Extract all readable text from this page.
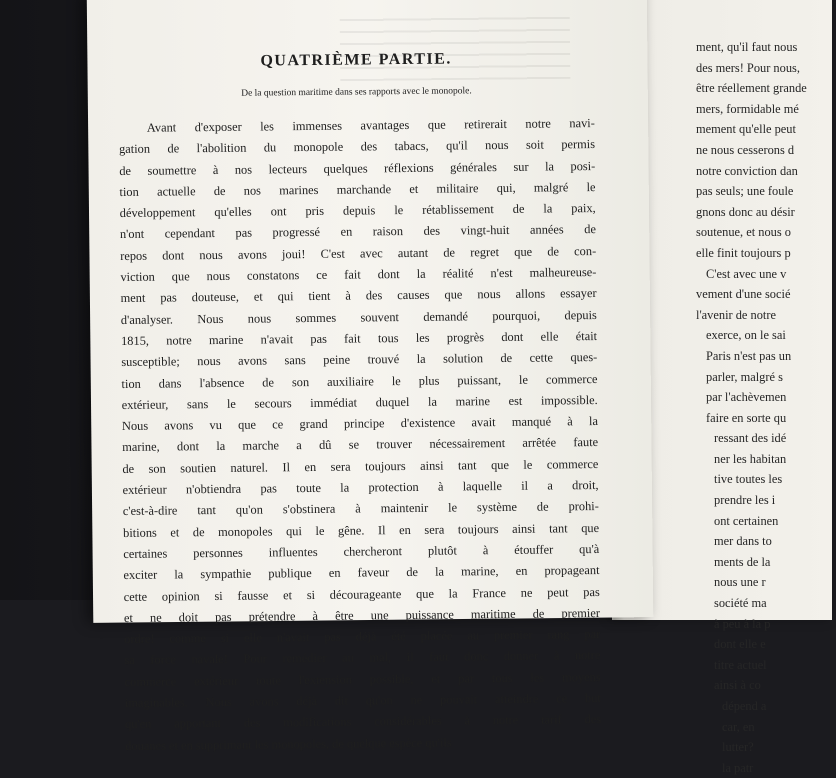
QUATRIÈME PARTIE.
De la question maritime dans ses rapports avec le monopole.
Avant d'exposer les immenses avantages que retirerait notre navi-
gation de l'abolition du monopole des tabacs, qu'il nous soit permis
de soumettre à nos lecteurs quelques réflexions générales sur la posi-
tion actuelle de nos marines marchande et militaire qui, malgré le
développement qu'elles ont pris depuis le rétablissement de la paix,
n'ont cependant pas progressé en raison des vingt-huit années de
repos dont nous avons joui! C'est avec autant de regret que de con-
viction que nous constatons ce fait dont la réalité n'est malheureuse-
ment pas douteuse, et qui tient à des causes que nous allons essayer
d'analyser. Nous nous sommes souvent demandé pourquoi, depuis
1815, notre marine n'avait pas fait tous les progrès dont elle était
susceptible; nous avons sans peine trouvé la solution de cette ques-
tion dans l'absence de son auxiliaire le plus puissant, le commerce
extérieur, sans le secours immédiat duquel la marine est impossible.
Nous avons vu que ce grand principe d'existence avait manqué à la
marine, dont la marche a dû se trouver nécessairement arrêtée faute
de son soutien naturel. Il en sera toujours ainsi tant que le commerce
extérieur n'obtiendra pas toute la protection à laquelle il a droit,
c'est-à-dire tant qu'on s'obstinera à maintenir le système de prohi-
bitions et de monopoles qui le gêne. Il en sera toujours ainsi tant que
certaines personnes influentes chercheront plutôt à étouffer qu'à
exciter la sympathie publique en faveur de la marine, en propageant
cette opinion si fausse et si décourageante que la France ne peut pas
et ne doit pas prétendre à être une puissance maritime de premier
ordre! comme si elle n'avait pas déjà été placée au premier rang par
sa force navale! Pour remédier au mal, il faut donc donner à notre
commerce extérieur toute l'extension possible, et par tous les moyens
imaginables. Nous avons déjà dit qu'on ne pouvait atteindre ce but
qu'en apportant des modifications considérables à notre tarif des
douanes et en supprimant les monopoles, de quelque espèce qu'ils
ment, qu'il faut nous
des mers! Pour nous,
être réellement grande
mers, formidable mé
mement qu'elle peut
ne nous cesserons d
notre conviction dan
pas seuls; une foule
gnons donc au désir
soutenue, et nous o
elle finit toujours p
C'est avec une v
vement d'une socié
l'avenir de notre
exerce, on le sai
Paris n'est pas un
parler, malgré s
par l'achèvemen
faire en sorte qu
ressant des idé
ner les habitan
tive toutes les
prendre les i
ont certainen
mer dans to
ments de la
nous une r
société ma
à peu à la p
dont elle e
titre actuel
ainsi à co
dépend a
car, en
lutter?
la patr
